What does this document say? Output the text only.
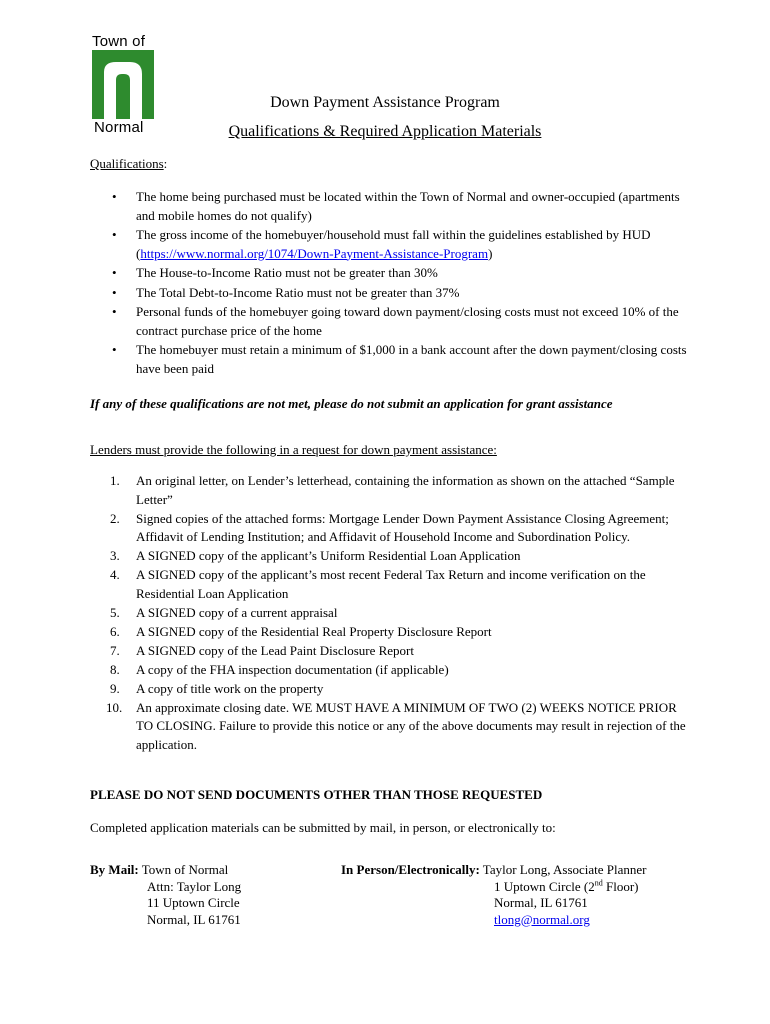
Town of
Normal
Down Payment Assistance Program
Qualifications & Required Application Materials
Qualifications:
• The home being purchased must be located within the Town of Normal and owner-occupied (apartments and mobile homes do not qualify)
• The gross income of the homebuyer/household must fall within the guidelines established by HUD (https://www.normal.org/1074/Down-Payment-Assistance-Program)
• The House-to-Income Ratio must not be greater than 30%
• The Total Debt-to-Income Ratio must not be greater than 37%
• Personal funds of the homebuyer going toward down payment/closing costs must not exceed 10% of the contract purchase price of the home
• The homebuyer must retain a minimum of $1,000 in a bank account after the down payment/closing costs have been paid
If any of these qualifications are not met, please do not submit an application for grant assistance
Lenders must provide the following in a request for down payment assistance:
1.	An original letter, on Lender’s letterhead, containing the information as shown on the attached “Sample Letter”
2.	Signed copies of the attached forms: Mortgage Lender Down Payment Assistance Closing Agreement; Affidavit of Lending Institution; and Affidavit of Household Income and Subordination Policy.
3.	A SIGNED copy of the applicant’s Uniform Residential Loan Application
4.	A SIGNED copy of the applicant’s most recent Federal Tax Return and income verification on the Residential Loan Application
5.	A SIGNED copy of a current appraisal
6.	A SIGNED copy of the Residential Real Property Disclosure Report
7.	A SIGNED copy of the Lead Paint Disclosure Report
8.	A copy of the FHA inspection documentation (if applicable)
9.	A copy of title work on the property
10.	An approximate closing date. WE MUST HAVE A MINIMUM OF TWO (2) WEEKS NOTICE PRIOR TO CLOSING. Failure to provide this notice or any of the above documents may result in rejection of the application.
PLEASE DO NOT SEND DOCUMENTS OTHER THAN THOSE REQUESTED
Completed application materials can be submitted by mail, in person, or electronically to:
By Mail: Town of Normal
Attn: Taylor Long
11 Uptown Circle
Normal, IL 61761
In Person/Electronically: Taylor Long, Associate Planner
1 Uptown Circle (2nd Floor)
Normal, IL 61761
tlong@normal.org
